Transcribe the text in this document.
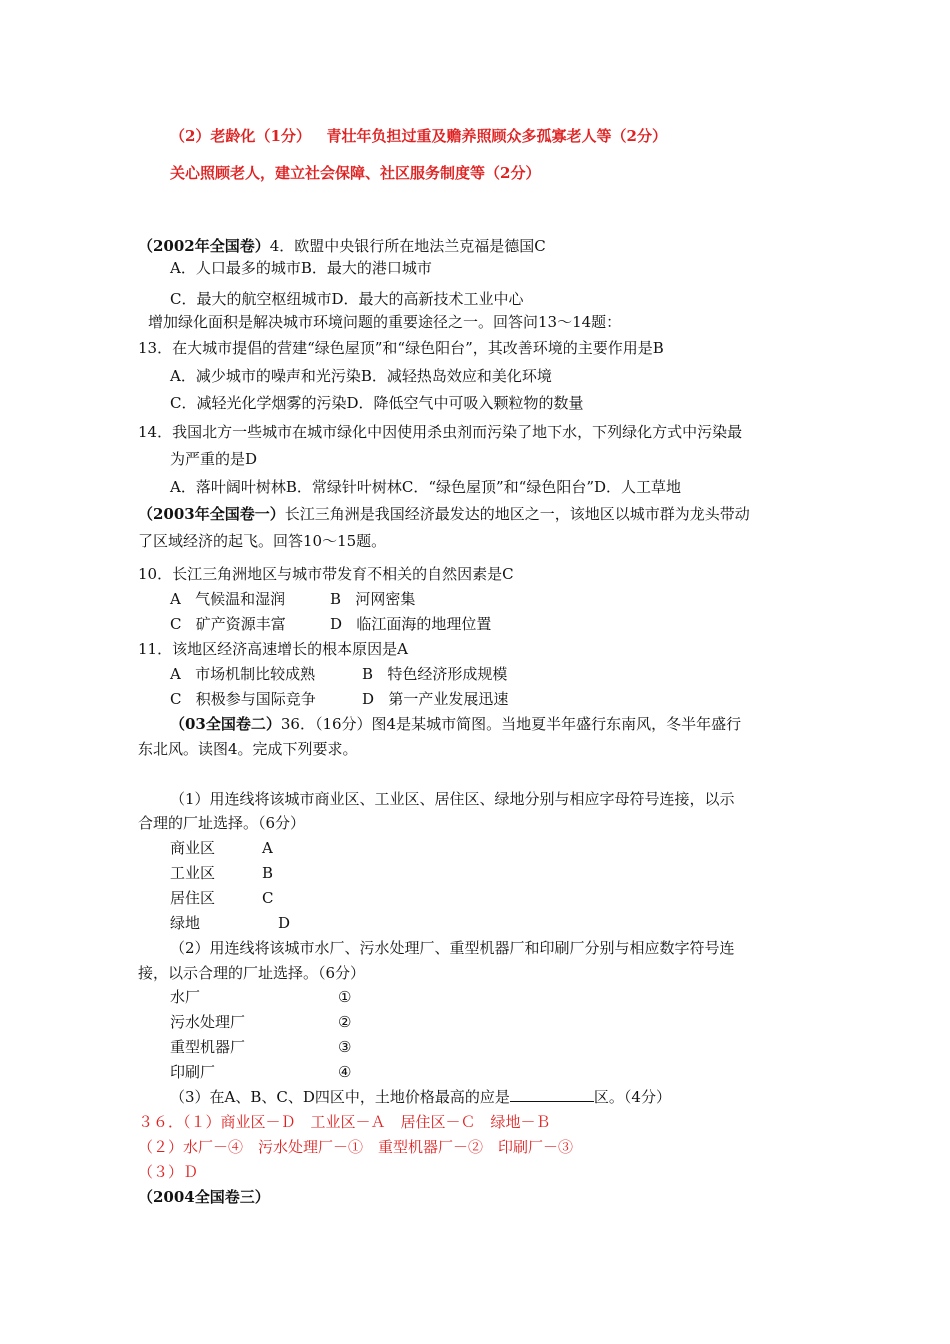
（2）老龄化（1分）   青壮年负担过重及赡养照顾众多孤寡老人等（2分）
关心照顾老人，建立社会保障、社区服务制度等（2分）
（2002年全国卷）4．欧盟中央银行所在地法兰克福是德国C
A．人口最多的城市B．最大的港口城市
C．最大的航空枢纽城市D．最大的高新技术工业中心
增加绿化面积是解决城市环境问题的重要途径之一。回答问13～14题：
13．在大城市提倡的营建“绿色屋顶”和“绿色阳台”，其改善环境的主要作用是B
A．减少城市的噪声和光污染B．减轻热岛效应和美化环境
C．减轻光化学烟雾的污染D．降低空气中可吸入颗粒物的数量
14．我国北方一些城市在城市绿化中因使用杀虫剂而污染了地下水，下列绿化方式中污染最
为严重的是D
A．落叶阔叶树林B．常绿针叶树林C．“绿色屋顶”和“绿色阳台”D．人工草地
（2003年全国卷一）长江三角洲是我国经济最发达的地区之一，该地区以城市群为龙头带动
了区域经济的起飞。回答10～15题。
10．长江三角洲地区与城市带发育不相关的自然因素是C
A   气候温和湿润	B   河网密集
C   矿产资源丰富	D   临江面海的地理位置
11．该地区经济高速增长的根本原因是A
A   市场机制比较成熟	B   特色经济形成规模
C   积极参与国际竞争	D   第一产业发展迅速
（03全国卷二）36．（16分）图4是某城市简图。当地夏半年盛行东南风，冬半年盛行
东北风。读图4。完成下列要求。
（1）用连线将该城市商业区、工业区、居住区、绿地分别与相应字母符号连接，以示
合理的厂址选择。（6分）
商业区	A
工业区	B
居住区	C
绿地	D
（2）用连线将该城市水厂、污水处理厂、重型机器厂和印刷厂分别与相应数字符号连
接，以示合理的厂址选择。（6分）
水厂	①
污水处理厂	②
重型机器厂	③
印刷厂	④
（3）在A、B、C、D四区中，土地价格最高的应是	区。（4分）
３６．（１）商业区－Ｄ　工业区－Ａ　居住区－Ｃ　绿地－Ｂ
（２）水厂－④　污水处理厂－①　重型机器厂－②　印刷厂－③
（３）Ｄ
（2004全国卷三）
